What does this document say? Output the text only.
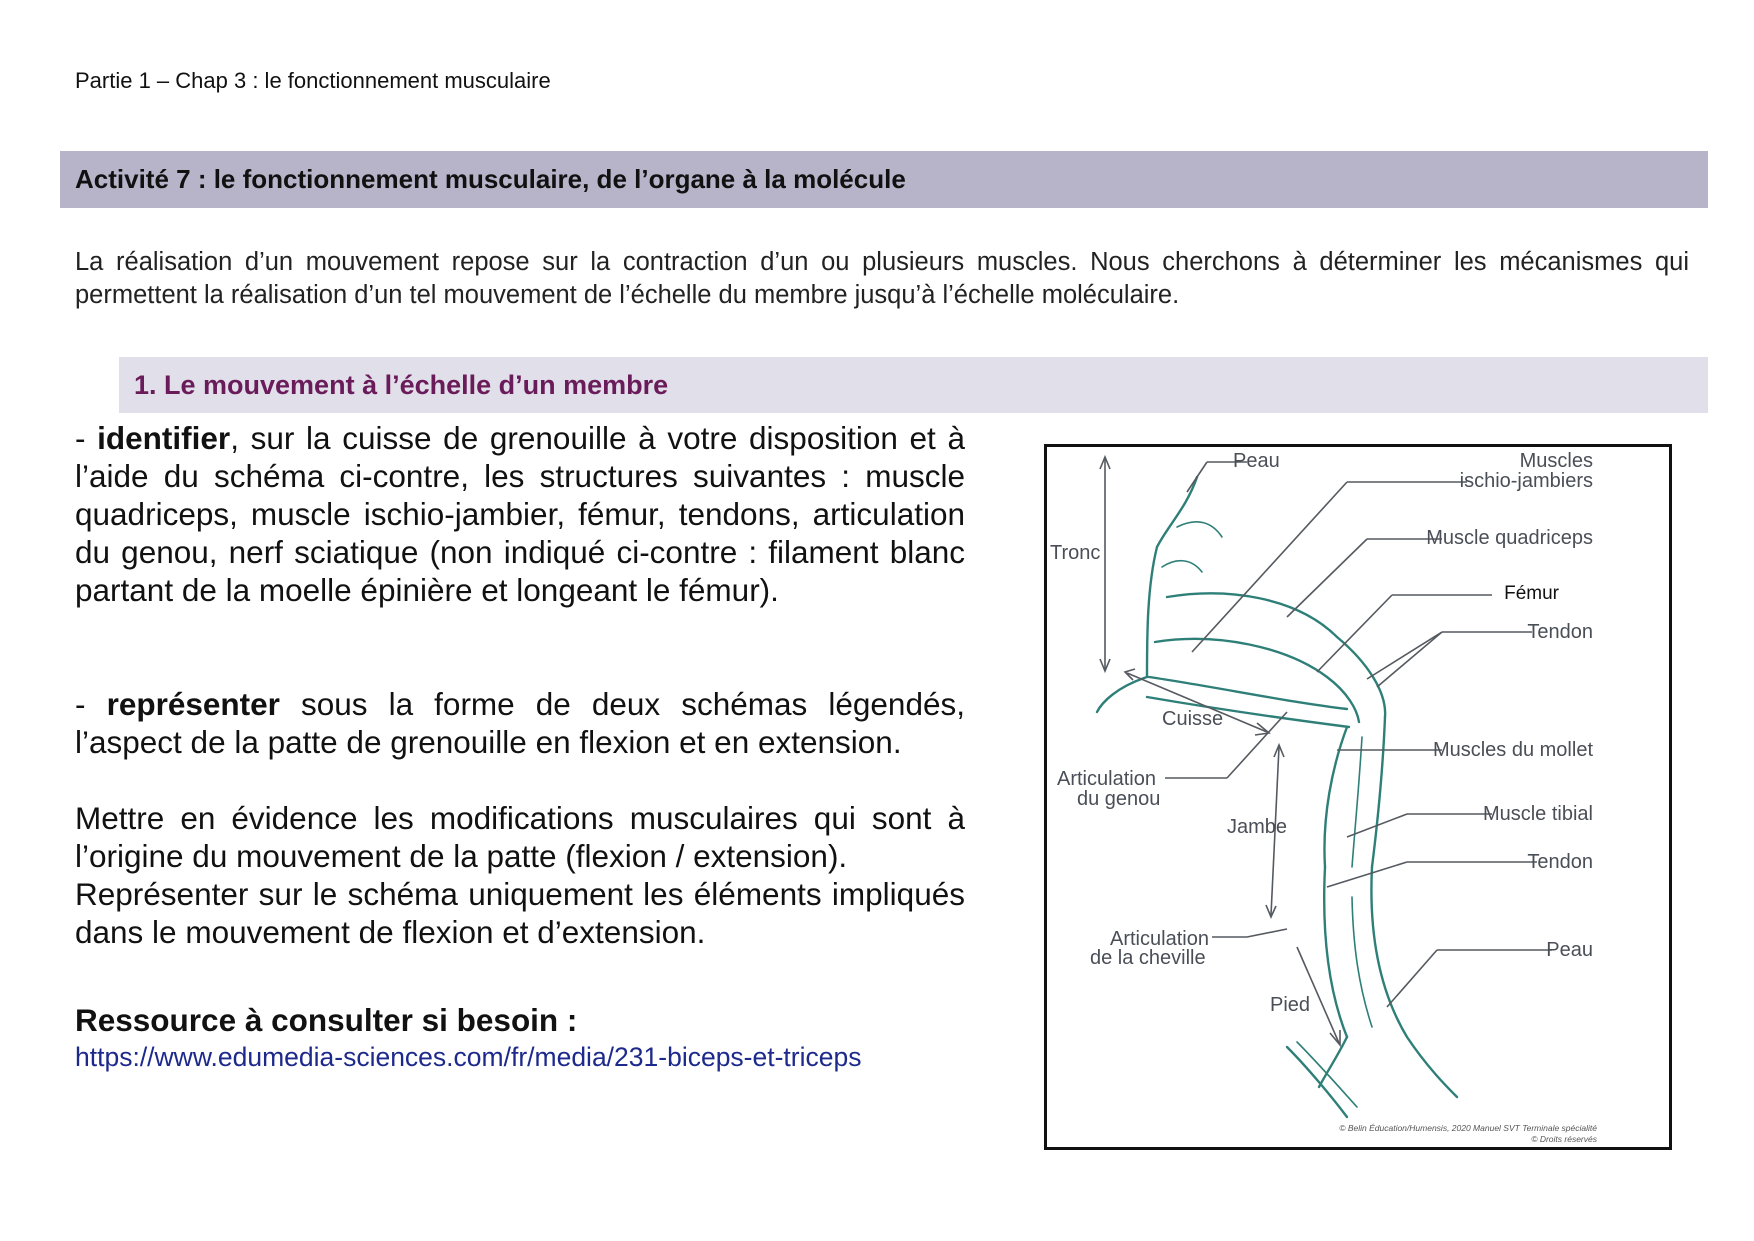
Partie 1 – Chap 3 : le fonctionnement musculaire
Activité 7 : le fonctionnement musculaire, de l’organe à la molécule
La réalisation d’un mouvement repose sur la contraction d’un ou plusieurs muscles. Nous cherchons à déterminer les mécanismes qui permettent la réalisation d’un tel mouvement de l’échelle du membre jusqu’à l’échelle moléculaire.
1. Le mouvement à l’échelle d’un membre

- identifier, sur la cuisse de grenouille à votre disposition et à l’aide du schéma ci-contre, les structures suivantes : muscle quadriceps, muscle ischio-jambier, fémur, tendons, articulation du genou, nerf sciatique (non indiqué ci-contre : filament blanc partant de la moelle épinière et longeant le fémur).

- représenter sous la forme de deux schémas légendés, l’aspect de la patte de grenouille en flexion et en extension.

Mettre en évidence les modifications musculaires qui sont à l’origine du mouvement de la patte (flexion / extension).

Représenter sur le schéma uniquement les éléments impliqués dans le mouvement de flexion et d’extension.

Ressource à consulter si besoin :
https://www.edumedia-sciences.com/fr/media/231-biceps-et-triceps
Peau	Muscles
ischio-jambiers
Tronc
Muscle quadriceps
Fémur
Tendon
Cuisse
Muscles du mollet
Articulation
du genou
Muscle tibial
Jambe
Tendon
Articulation
de la cheville	Peau
Pied
© Belin Éducation/Humensis, 2020 Manuel SVT Terminale spécialité
© Droits réservés
